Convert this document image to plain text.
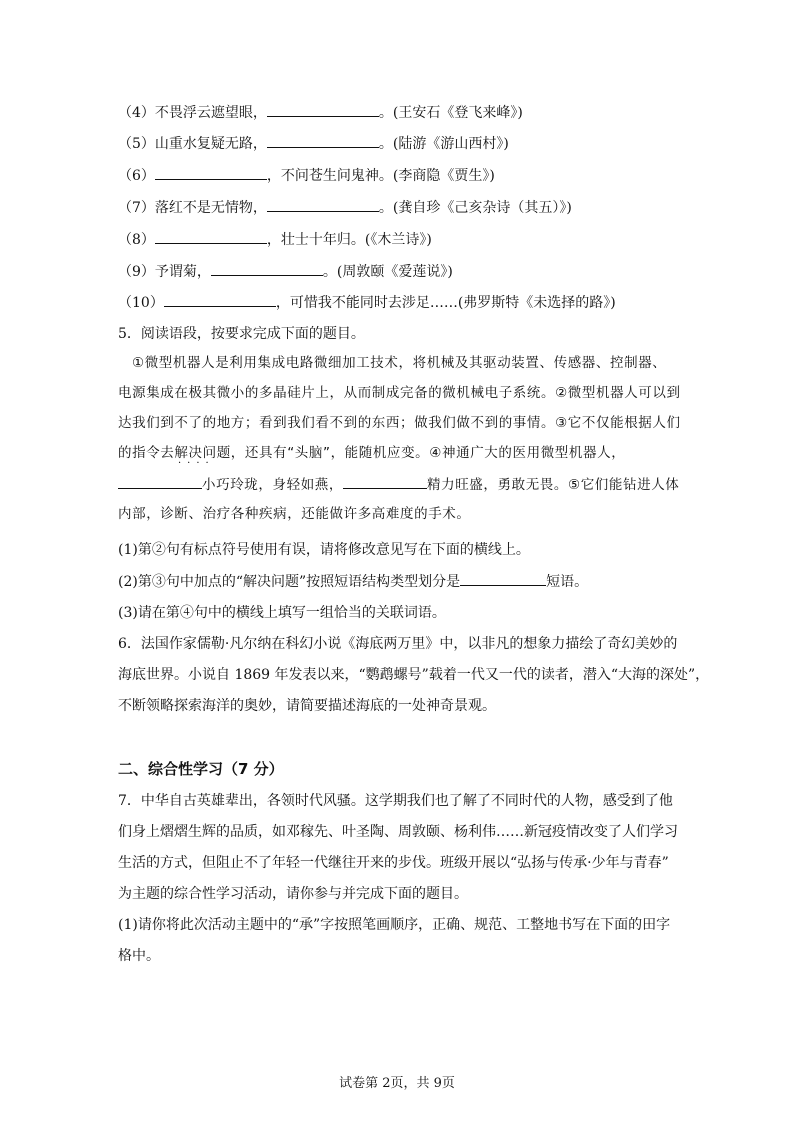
（4）不畏浮云遮望眼，	。(王安石《登飞来峰》)
（5）山重水复疑无路，	。(陆游《游山西村》)
（6）	，不问苍生问鬼神。(李商隐《贾生》)
（7）落红不是无情物，	。(龚自珍《己亥杂诗（其五）》)
（8）	，壮士十年归。(《木兰诗》)
（9）予谓菊，	。(周敦颐《爱莲说》)
（10）	，可惜我不能同时去涉足……(弗罗斯特《未选择的路》)
5．阅读语段，按要求完成下面的题目。
①微型机器人是利用集成电路微细加工技术，将机械及其驱动装置、传感器、控制器、
电源集成在极其微小的多晶硅片上，从而制成完备的微机械电子系统。②微型机器人可以到
达我们到不了的地方；看到我们看不到的东西；做我们做不到的事情。③它不仅能根据人们
的指令去解决问题，还具有“头脑”，能随机应变。④神通广大的医用微型机器人，
····
小巧玲珑，身轻如燕，	精力旺盛，勇敢无畏。⑤它们能钻进人体
内部，诊断、治疗各种疾病，还能做许多高难度的手术。
(1)第②句有标点符号使用有误，请将修改意见写在下面的横线上。
(2)第③句中加点的“解决问题”按照短语结构类型划分是	短语。
(3)请在第④句中的横线上填写一组恰当的关联词语。
6．法国作家儒勒·凡尔纳在科幻小说《海底两万里》中，以非凡的想象力描绘了奇幻美妙的
海底世界。小说自 1869 年发表以来，“鹦鹉螺号”载着一代又一代的读者，潜入“大海的深处”，
不断领略探索海洋的奥妙，请简要描述海底的一处神奇景观。
二、综合性学习（7 分）
7．中华自古英雄辈出，各领时代风骚。这学期我们也了解了不同时代的人物，感受到了他
们身上熠熠生辉的品质，如邓稼先、叶圣陶、周敦颐、杨利伟……新冠疫情改变了人们学习
生活的方式，但阻止不了年轻一代继往开来的步伐。班级开展以“弘扬与传承·少年与青春”
为主题的综合性学习活动，请你参与并完成下面的题目。
(1)请你将此次活动主题中的“承”字按照笔画顺序，正确、规范、工整地书写在下面的田字
格中。
试卷第 2页，共 9页
